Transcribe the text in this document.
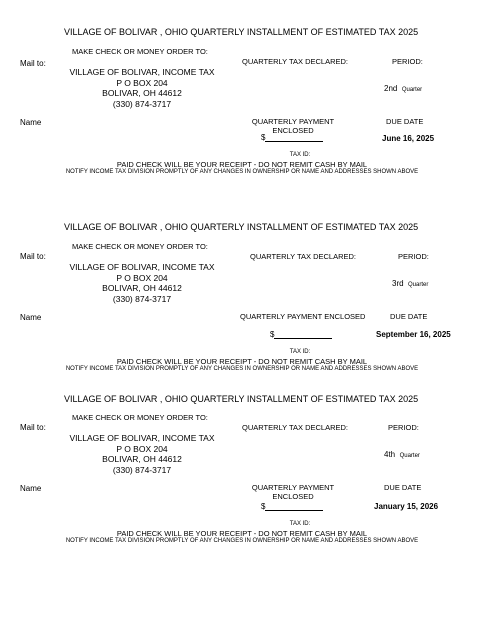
VILLAGE OF BOLIVAR , OHIO QUARTERLY INSTALLMENT OF ESTIMATED TAX 2025
MAKE CHECK OR MONEY ORDER TO:
Mail to:	QUARTERLY TAX DECLARED:	PERIOD:
VILLAGE OF BOLIVAR, INCOME TAX
P O BOX 204
BOLIVAR, OH 44612
(330) 874-3717
2nd Quarter
Name	QUARTERLY PAYMENT
ENCLOSED
DUE DATE
$	June 16, 2025
TAX ID:
PAID CHECK WILL BE YOUR RECEIPT - DO NOT REMIT CASH BY MAIL
NOTIFY INCOME TAX DIVISION PROMPTLY OF ANY CHANGES IN OWNERSHIP OR NAME AND ADDRESSES SHOWN ABOVE
VILLAGE OF BOLIVAR , OHIO QUARTERLY INSTALLMENT OF ESTIMATED TAX 2025
MAKE CHECK OR MONEY ORDER TO:
Mail to:	QUARTERLY TAX DECLARED:	PERIOD:
VILLAGE OF BOLIVAR, INCOME TAX
P O BOX 204
BOLIVAR, OH 44612
(330) 874-3717
3rd Quarter
Name	QUARTERLY PAYMENT ENCLOSED	DUE DATE
$	September 16, 2025
TAX ID:
PAID CHECK WILL BE YOUR RECEIPT - DO NOT REMIT CASH BY MAIL
NOTIFY INCOME TAX DIVISION PROMPTLY OF ANY CHANGES IN OWNERSHIP OR NAME AND ADDRESSES SHOWN ABOVE
VILLAGE OF BOLIVAR , OHIO QUARTERLY INSTALLMENT OF ESTIMATED TAX 2025
MAKE CHECK OR MONEY ORDER TO:
Mail to:	QUARTERLY TAX DECLARED:	PERIOD:
VILLAGE OF BOLIVAR, INCOME TAX
P O BOX 204
BOLIVAR, OH 44612
(330) 874-3717
4th Quarter
Name	QUARTERLY PAYMENT
ENCLOSED
DUE DATE
$	January 15, 2026
TAX ID:
PAID CHECK WILL BE YOUR RECEIPT - DO NOT REMIT CASH BY MAIL
NOTIFY INCOME TAX DIVISION PROMPTLY OF ANY CHANGES IN OWNERSHIP OR NAME AND ADDRESSES SHOWN ABOVE
